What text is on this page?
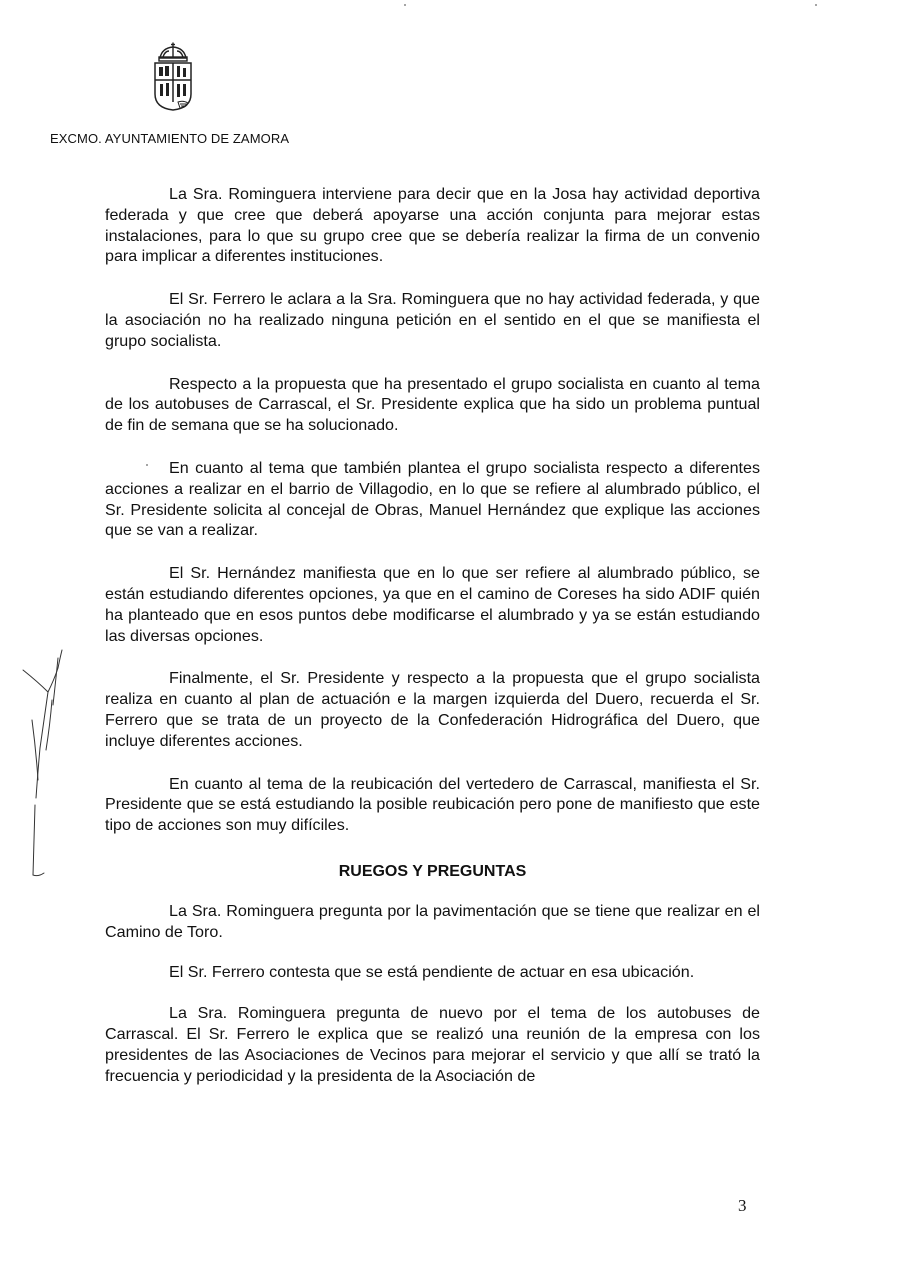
EXCMO. AYUNTAMIENTO DE ZAMORA

La Sra. Rominguera interviene para decir que en la Josa hay actividad deportiva federada y que cree que deberá apoyarse una acción conjunta para mejorar estas instalaciones, para lo que su grupo cree que se debería realizar la firma de un convenio para implicar a diferentes instituciones.

El Sr. Ferrero le aclara a la Sra. Rominguera que no hay actividad federada, y que la asociación no ha realizado ninguna petición en el sentido en el que se manifiesta el grupo socialista.

Respecto a la propuesta que ha presentado el grupo socialista en cuanto al tema de los autobuses de Carrascal, el Sr. Presidente explica que ha sido un problema puntual de fin de semana que se ha solucionado.

En cuanto al tema que también plantea el grupo socialista respecto a diferentes acciones a realizar en el barrio de Villagodio, en lo que se refiere al alumbrado público, el Sr. Presidente solicita al concejal de Obras, Manuel Hernández que explique las acciones que se van a realizar.

El Sr. Hernández manifiesta que en lo que ser refiere al alumbrado público, se están estudiando diferentes opciones, ya que en el camino de Coreses ha sido ADIF quién ha planteado que en esos puntos debe modificarse el alumbrado y ya se están estudiando las diversas opciones.

Finalmente, el Sr. Presidente y respecto a la propuesta que el grupo socialista realiza en cuanto al plan de actuación e la margen izquierda del Duero, recuerda el Sr. Ferrero que se trata de un proyecto de la Confederación Hidrográfica del Duero, que incluye diferentes acciones.

En cuanto al tema de la reubicación del vertedero de Carrascal, manifiesta el Sr. Presidente que se está estudiando la posible reubicación pero pone de manifiesto que este tipo de acciones son muy difíciles.

RUEGOS Y PREGUNTAS

La Sra. Rominguera pregunta por la pavimentación que se tiene que realizar en el Camino de Toro.

El Sr. Ferrero contesta que se está pendiente de actuar en esa ubicación.

La Sra. Rominguera pregunta de nuevo por el tema de los autobuses de Carrascal. El Sr. Ferrero le explica que se realizó una reunión de la empresa con los presidentes de las Asociaciones de Vecinos para mejorar el servicio y que allí se trató la frecuencia y periodicidad y la presidenta de la Asociación de

3
